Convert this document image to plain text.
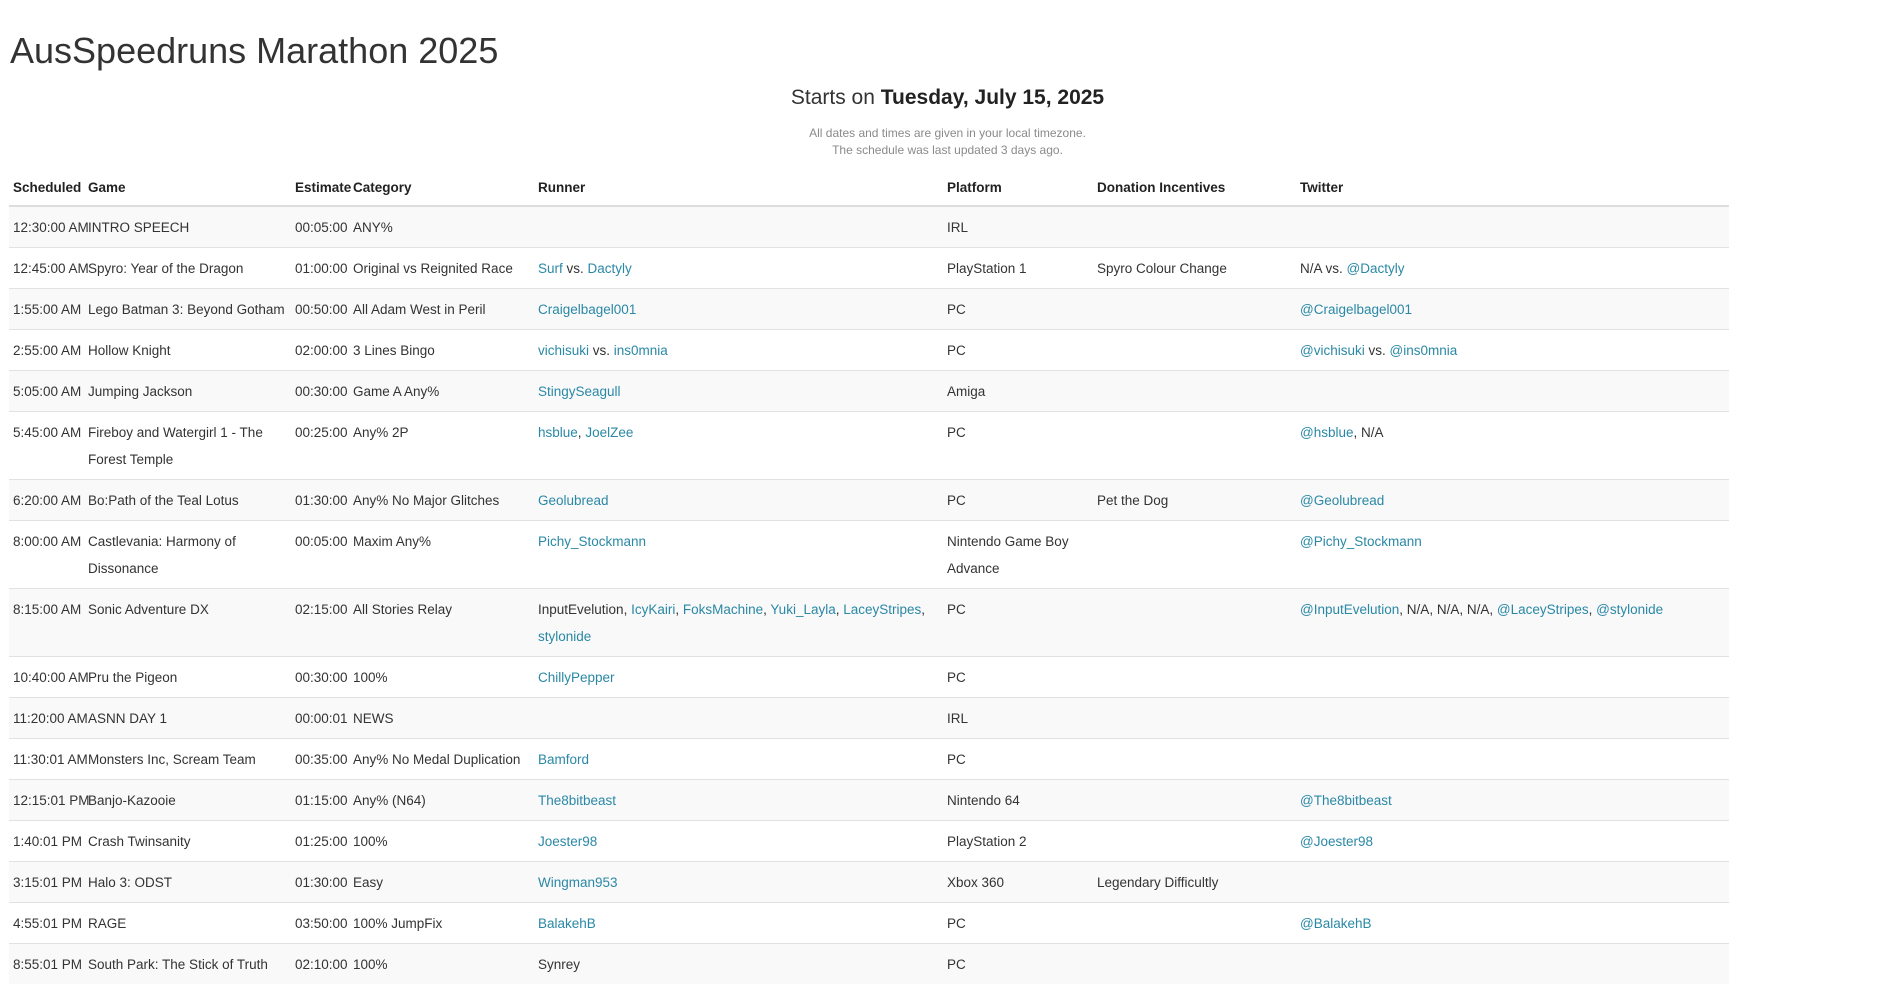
AusSpeedruns Marathon 2025
Starts on Tuesday, July 15, 2025
All dates and times are given in your local timezone.
The schedule was last updated 3 days ago.
Scheduled	Game	Estimate	Category	Runner	Platform	Donation Incentives	Twitter
12:30:00 AM	INTRO SPEECH	00:05:00	ANY%		IRL		
12:45:00 AM	Spyro: Year of the Dragon	01:00:00	Original vs Reignited Race	Surf vs. Dactyly	PlayStation 1	Spyro Colour Change	N/A vs. @Dactyly
1:55:00 AM	Lego Batman 3: Beyond Gotham	00:50:00	All Adam West in Peril	Craigelbagel001	PC		@Craigelbagel001
2:55:00 AM	Hollow Knight	02:00:00	3 Lines Bingo	vichisuki vs. ins0mnia	PC		@vichisuki vs. @ins0mnia
5:05:00 AM	Jumping Jackson	00:30:00	Game A Any%	StingySeagull	Amiga		
5:45:00 AM	Fireboy and Watergirl 1 - The Forest Temple	00:25:00	Any% 2P	hsblue, JoelZee	PC		@hsblue, N/A
6:20:00 AM	Bo:Path of the Teal Lotus	01:30:00	Any% No Major Glitches	Geolubread	PC	Pet the Dog	@Geolubread
8:00:00 AM	Castlevania: Harmony of Dissonance	00:05:00	Maxim Any%	Pichy_Stockmann	Nintendo Game Boy Advance		@Pichy_Stockmann
8:15:00 AM	Sonic Adventure DX	02:15:00	All Stories Relay	InputEvelution, IcyKairi, FoksMachine, Yuki_Layla, LaceyStripes, stylonide	PC		@InputEvelution, N/A, N/A, N/A, @LaceyStripes, @stylonide
10:40:00 AM	Pru the Pigeon	00:30:00	100%	ChillyPepper	PC		
11:20:00 AM	ASNN DAY 1	00:00:01	NEWS		IRL		
11:30:01 AM	Monsters Inc, Scream Team	00:35:00	Any% No Medal Duplication	Bamford	PC		
12:15:01 PM	Banjo-Kazooie	01:15:00	Any% (N64)	The8bitbeast	Nintendo 64		@The8bitbeast
1:40:01 PM	Crash Twinsanity	01:25:00	100%	Joester98	PlayStation 2		@Joester98
3:15:01 PM	Halo 3: ODST	01:30:00	Easy	Wingman953	Xbox 360	Legendary Difficultly	
4:55:01 PM	RAGE	03:50:00	100% JumpFix	BalakehB	PC		@BalakehB
8:55:01 PM	South Park: The Stick of Truth	02:10:00	100%	Synrey	PC		
